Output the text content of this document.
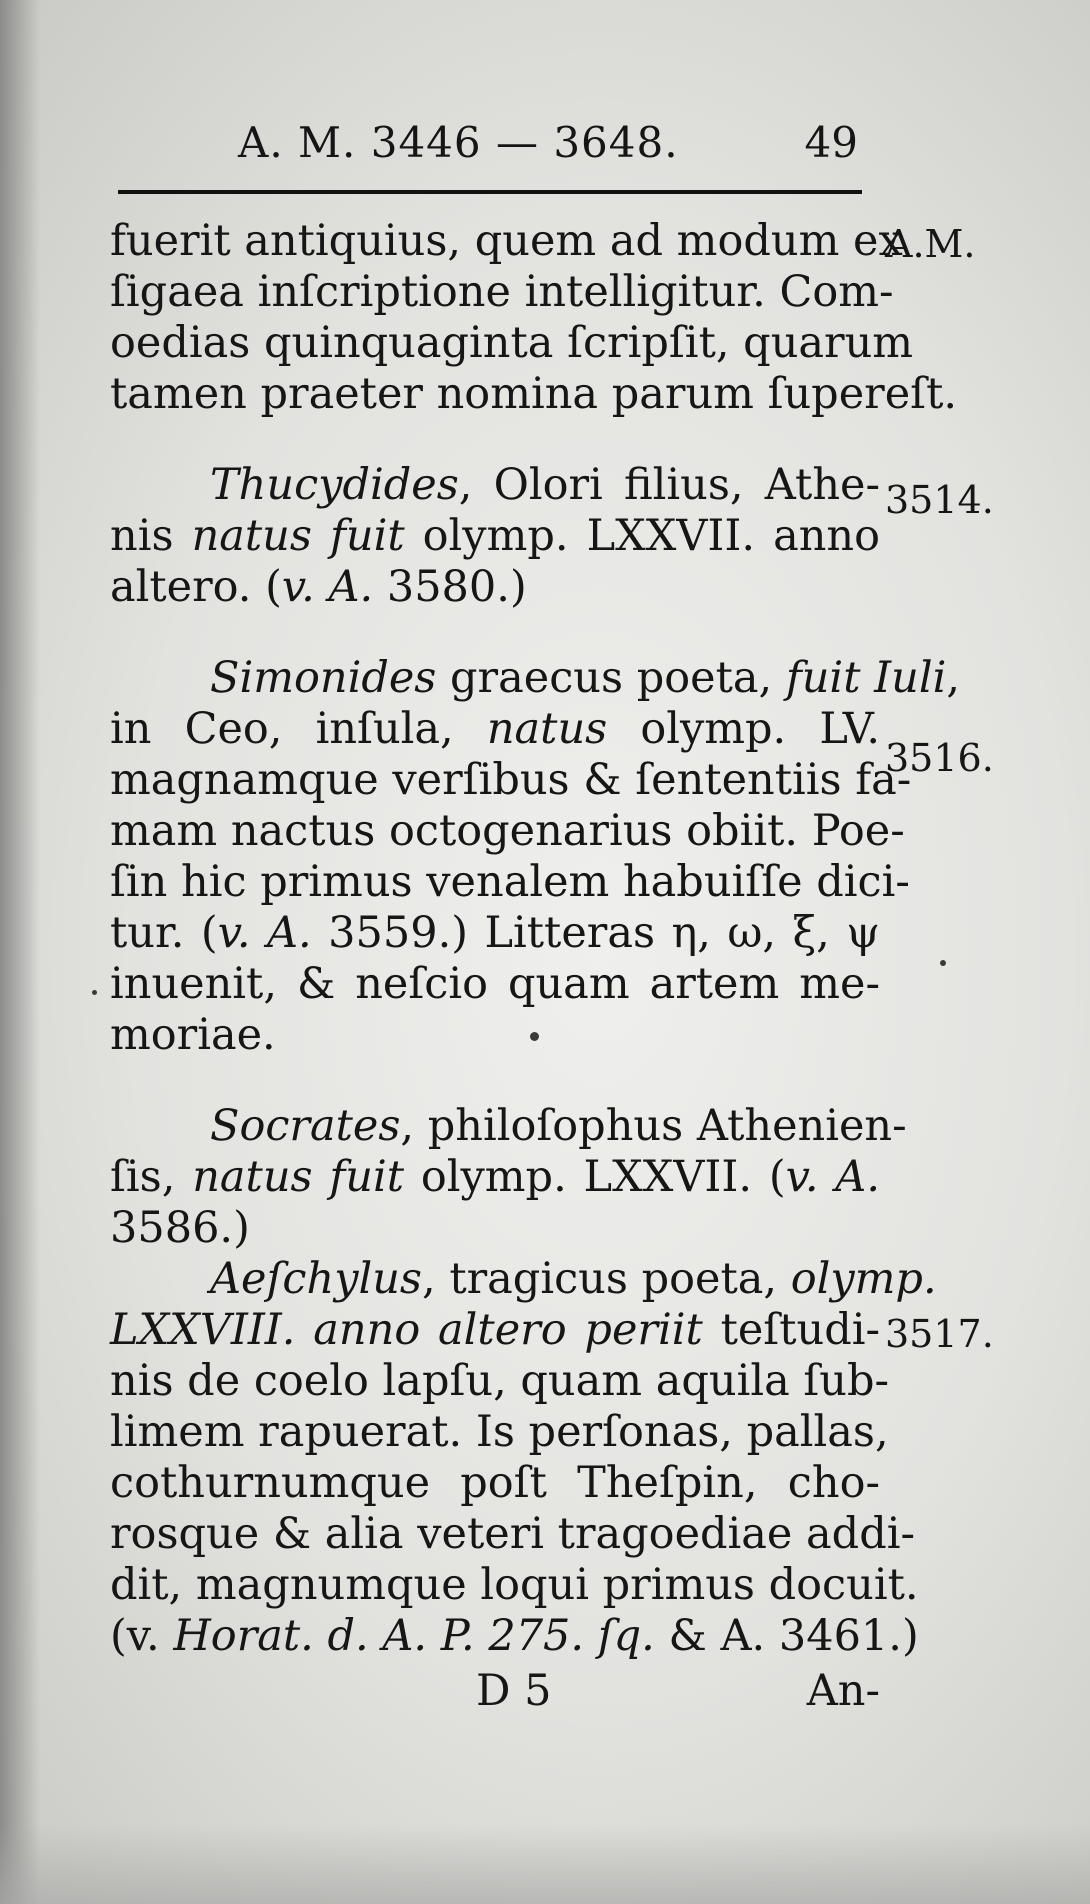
A. M. 3446 — 3648.	49
fuerit antiquius, quem ad modum ex
ſigaea inſcriptione intelligitur. Com-
oedias quinquaginta ſcripſit, quarum
tamen praeter nomina parum ſupereſt.
Thucydides, Olori filius, Athe-
nis natus fuit olymp. LXXVII. anno
altero. (v. A. 3580.)
Simonides graecus poeta, fuit Iuli,
in Ceo, inſula, natus olymp. LV.
magnamque verſibus & ſententiis fa-
mam nactus octogenarius obiit. Poe-
ſin hic primus venalem habuiſſe dici-
tur. (v. A. 3559.) Litteras η, ω, ξ, ψ
inuenit, & neſcio quam artem me-
moriae.
Socrates, philoſophus Athenien-
ſis, natus fuit olymp. LXXVII. (v. A.
3586.)
Aeſchylus, tragicus poeta, olymp.
LXXVIII. anno altero periit teſtudi-
nis de coelo lapſu, quam aquila ſub-
limem rapuerat. Is perſonas, pallas,
cothurnumque poſt Theſpin, cho-
rosque & alia veteri tragoediae addi-
dit, magnumque loqui primus docuit.
(v. Horat. d. A. P. 275. ſq. & A. 3461.)
A.M.
3514.
3516.
3517.
D 5	An-
